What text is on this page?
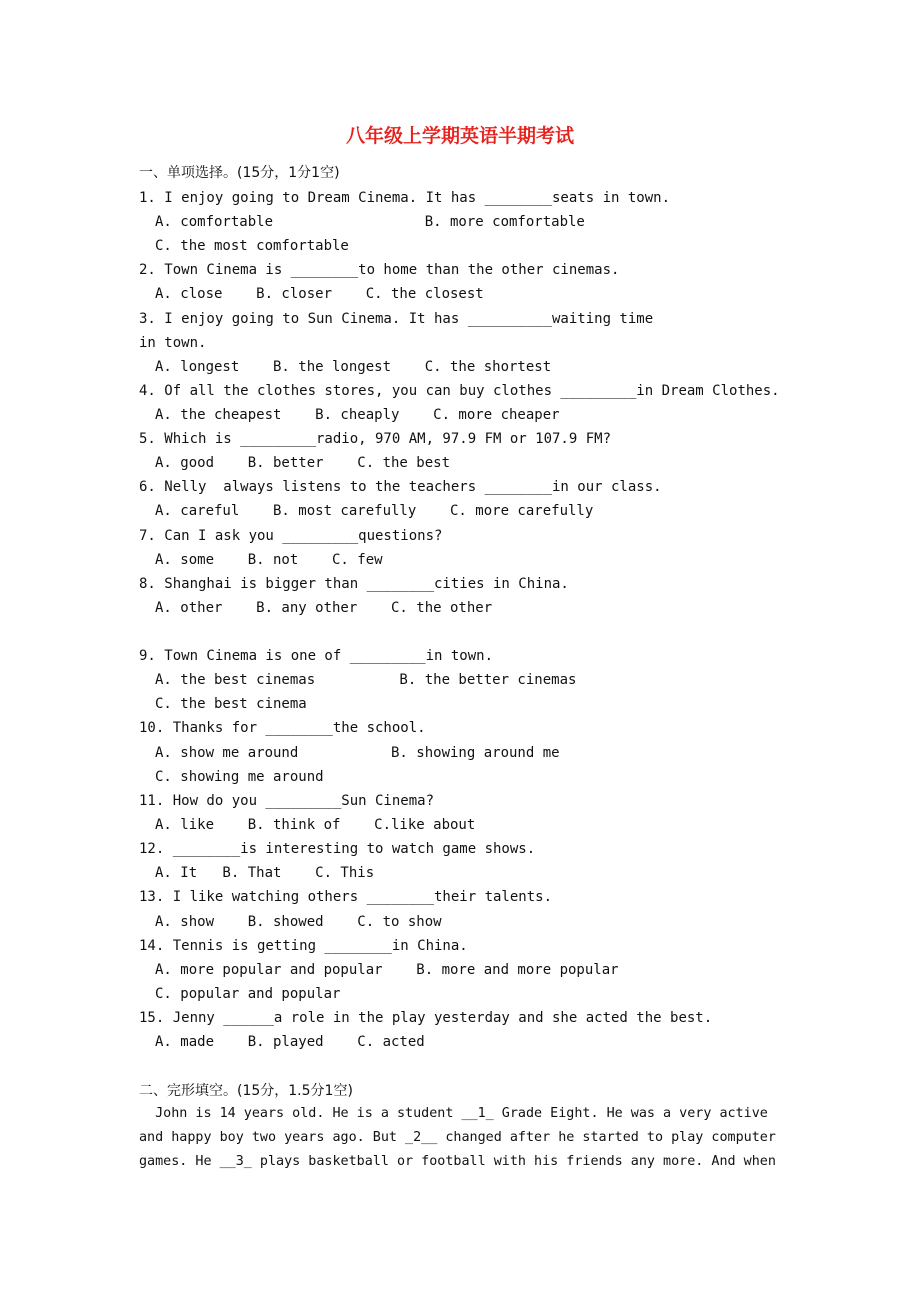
八年级上学期英语半期考试
一、单项选择。(15分，1分1空)
1. I enjoy going to Dream Cinema. It has ________seats in town.
A. comfortable                  B. more comfortable
C. the most comfortable
2. Town Cinema is ________to home than the other cinemas.
A. close    B. closer    C. the closest
3. I enjoy going to Sun Cinema. It has __________waiting time
in town.
A. longest    B. the longest    C. the shortest
4. Of all the clothes stores, you can buy clothes _________in Dream Clothes.
A. the cheapest    B. cheaply    C. more cheaper
5. Which is _________radio, 970 AM, 97.9 FM or 107.9 FM?
A. good    B. better    C. the best
6. Nelly  always listens to the teachers ________in our class.
A. careful    B. most carefully    C. more carefully
7. Can I ask you _________questions?
A. some    B. not    C. few
8. Shanghai is bigger than ________cities in China.
A. other    B. any other    C. the other
9. Town Cinema is one of _________in town.
A. the best cinemas          B. the better cinemas
C. the best cinema
10. Thanks for ________the school.
A. show me around           B. showing around me
C. showing me around
11. How do you _________Sun Cinema?
A. like    B. think of    C.like about
12. ________is interesting to watch game shows.
A. It   B. That    C. This
13. I like watching others ________their talents.
A. show    B. showed    C. to show
14. Tennis is getting ________in China.
A. more popular and popular    B. more and more popular
C. popular and popular
15. Jenny ______a role in the play yesterday and she acted the best.
A. made    B. played    C. acted
二、完形填空。(15分，1.5分1空)
John is 14 years old. He is a student __1_ Grade Eight. He was a very active
and happy boy two years ago. But _2__ changed after he started to play computer
games. He __3_ plays basketball or football with his friends any more. And when
